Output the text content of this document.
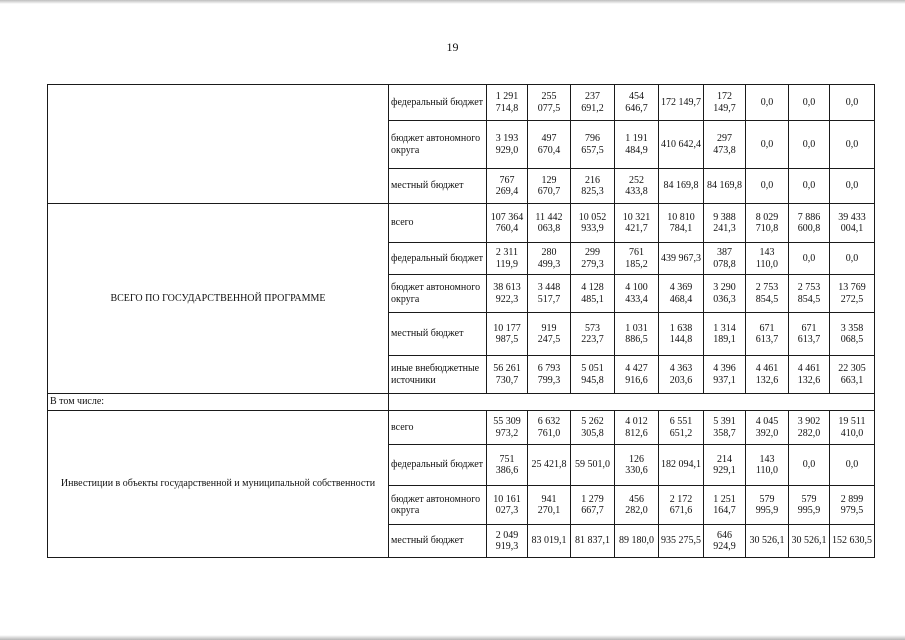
19
	федеральный бюджет	1 291 714,8	255 077,5	237 691,2	454 646,7	172 149,7	172 149,7	0,0	0,0	0,0
	бюджет автономного округа	3 193 929,0	497 670,4	796 657,5	1 191 484,9	410 642,4	297 473,8	0,0	0,0	0,0
	местный бюджет	767 269,4	129 670,7	216 825,3	252 433,8	84 169,8	84 169,8	0,0	0,0	0,0
ВСЕГО ПО ГОСУДАРСТВЕННОЙ ПРОГРАММЕ	всего	107 364 760,4	11 442 063,8	10 052 933,9	10 321 421,7	10 810 784,1	9 388 241,3	8 029 710,8	7 886 600,8	39 433 004,1
	федеральный бюджет	2 311 119,9	280 499,3	299 279,3	761 185,2	439 967,3	387 078,8	143 110,0	0,0	0,0
	бюджет автономного округа	38 613 922,3	3 448 517,7	4 128 485,1	4 100 433,4	4 369 468,4	3 290 036,3	2 753 854,5	2 753 854,5	13 769 272,5
	местный бюджет	10 177 987,5	919 247,5	573 223,7	1 031 886,5	1 638 144,8	1 314 189,1	671 613,7	671 613,7	3 358 068,5
	иные внебюджетные источники	56 261 730,7	6 793 799,3	5 051 945,8	4 427 916,6	4 363 203,6	4 396 937,1	4 461 132,6	4 461 132,6	22 305 663,1
В том числе:										
Инвестиции в объекты государственной и муниципальной собственности	всего	55 309 973,2	6 632 761,0	5 262 305,8	4 012 812,6	6 551 651,2	5 391 358,7	4 045 392,0	3 902 282,0	19 511 410,0
	федеральный бюджет	751 386,6	25 421,8	59 501,0	126 330,6	182 094,1	214 929,1	143 110,0	0,0	0,0
	бюджет автономного округа	10 161 027,3	941 270,1	1 279 667,7	456 282,0	2 172 671,6	1 251 164,7	579 995,9	579 995,9	2 899 979,5
	местный бюджет	2 049 919,3	83 019,1	81 837,1	89 180,0	935 275,5	646 924,9	30 526,1	30 526,1	152 630,5
